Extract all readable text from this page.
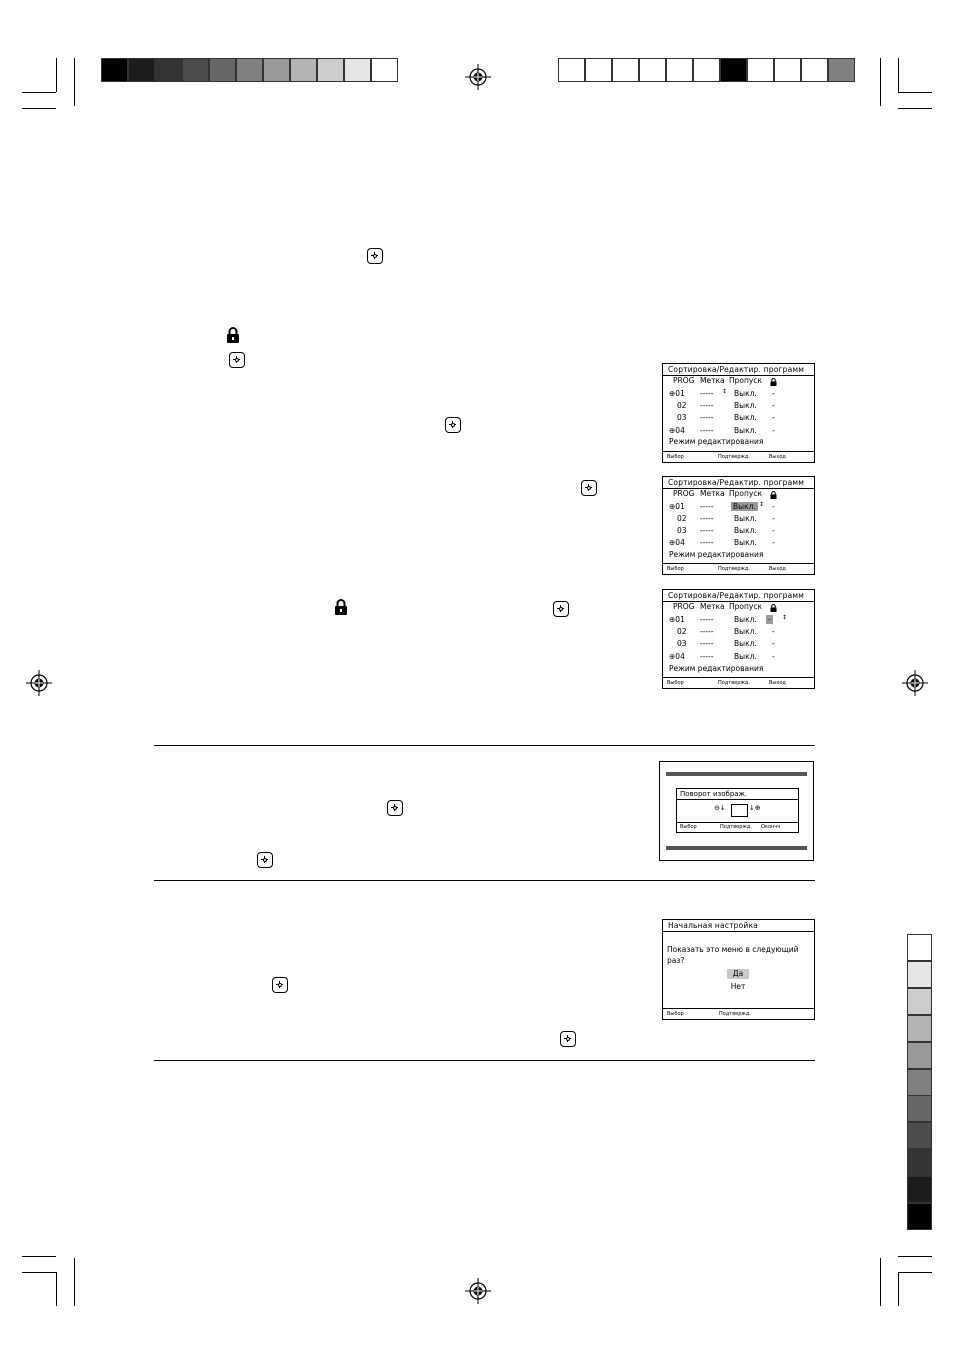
Сортировка/Редактир. программ
PROG Метка Пропуск
⊕01 ----- ↕ Выкл. -
02 -----	Выкл. -
03 -----	Выкл. -
⊕04 -----	Выкл. -
Режим редактирования
Выбор	Подтвержд.	Выход
Сортировка/Редактир. программ
PROG Метка Пропуск
⊕01 -----	Выкл. ↕ -
02 -----	Выкл. -
03 -----	Выкл. -
⊕04 -----	Выкл. -
Режим редактирования
Выбор	Подтвержд.	Выход
Сортировка/Редактир. программ
PROG Метка Пропуск
⊕01 -----	Выкл. -	↕
02 -----	Выкл. -
03 -----	Выкл. -
⊕04 -----	Выкл. -
Режим редактирования
Выбор	Подтвержд.	Выход
Поворот изображ.
⊖↓	↓⊕
Выбор	Подтвержд. Окончч
Начальная настройка
Показать это меню в следующий
раз?
Да
Нет
Выбор	Подтвержд.
